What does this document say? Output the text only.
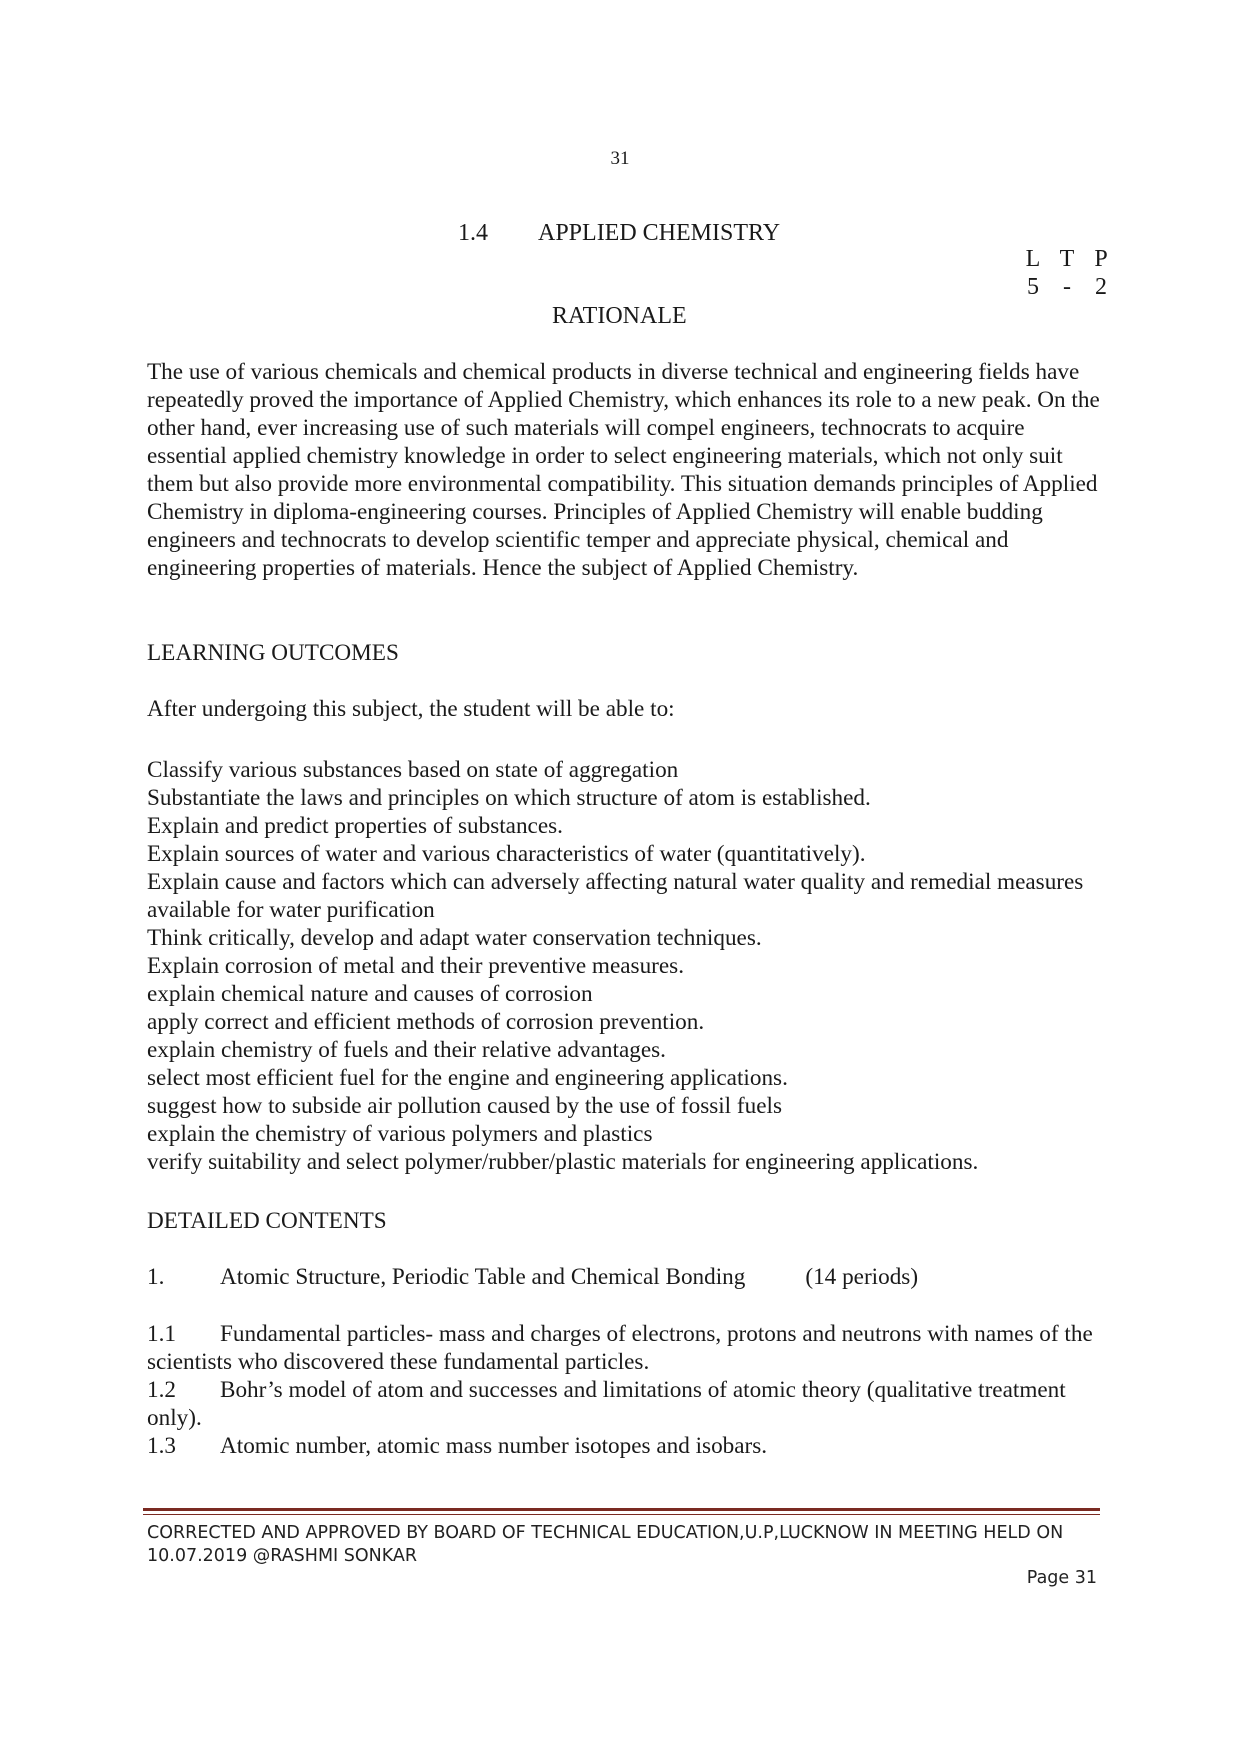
31
1.4 APPLIED CHEMISTRY
L T P
5 - 2
RATIONALE

The use of various chemicals and chemical products in diverse technical and engineering fields have repeatedly proved the importance of Applied Chemistry, which enhances its role to a new peak. On the other hand, ever increasing use of such materials will compel engineers, technocrats to acquire essential applied chemistry knowledge in order to select engineering materials, which not only suit them but also provide more environmental compatibility. This situation demands principles of Applied Chemistry in diploma-engineering courses. Principles of Applied Chemistry will enable budding engineers and technocrats to develop scientific temper and appreciate physical, chemical and engineering properties of materials. Hence the subject of Applied Chemistry.

LEARNING OUTCOMES
After undergoing this subject, the student will be able to:
Classify various substances based on state of aggregation
Substantiate the laws and principles on which structure of atom is established.
Explain and predict properties of substances.
Explain sources of water and various characteristics of water (quantitatively).
Explain cause and factors which can adversely affecting natural water quality and remedial measures available for water purification
Think critically, develop and adapt water conservation techniques.
Explain corrosion of metal and their preventive measures.
explain chemical nature and causes of corrosion
apply correct and efficient methods of corrosion prevention.
explain chemistry of fuels and their relative advantages.
select most efficient fuel for the engine and engineering applications.
suggest how to subside air pollution caused by the use of fossil fuels
explain the chemistry of various polymers and plastics
verify suitability and select polymer/rubber/plastic materials for engineering applications.
DETAILED CONTENTS
1. Atomic Structure, Periodic Table and Chemical Bonding	(14 periods)
1.1 Fundamental particles- mass and charges of electrons, protons and neutrons with names of the scientists who discovered these fundamental particles.
1.2 Bohr’s model of atom and successes and limitations of atomic theory (qualitative treatment only).
1.3 Atomic number, atomic mass number isotopes and isobars.
CORRECTED AND APPROVED BY BOARD OF TECHNICAL EDUCATION,U.P,LUCKNOW IN MEETING HELD ON
10.07.2019 @RASHMI SONKAR
Page 31
